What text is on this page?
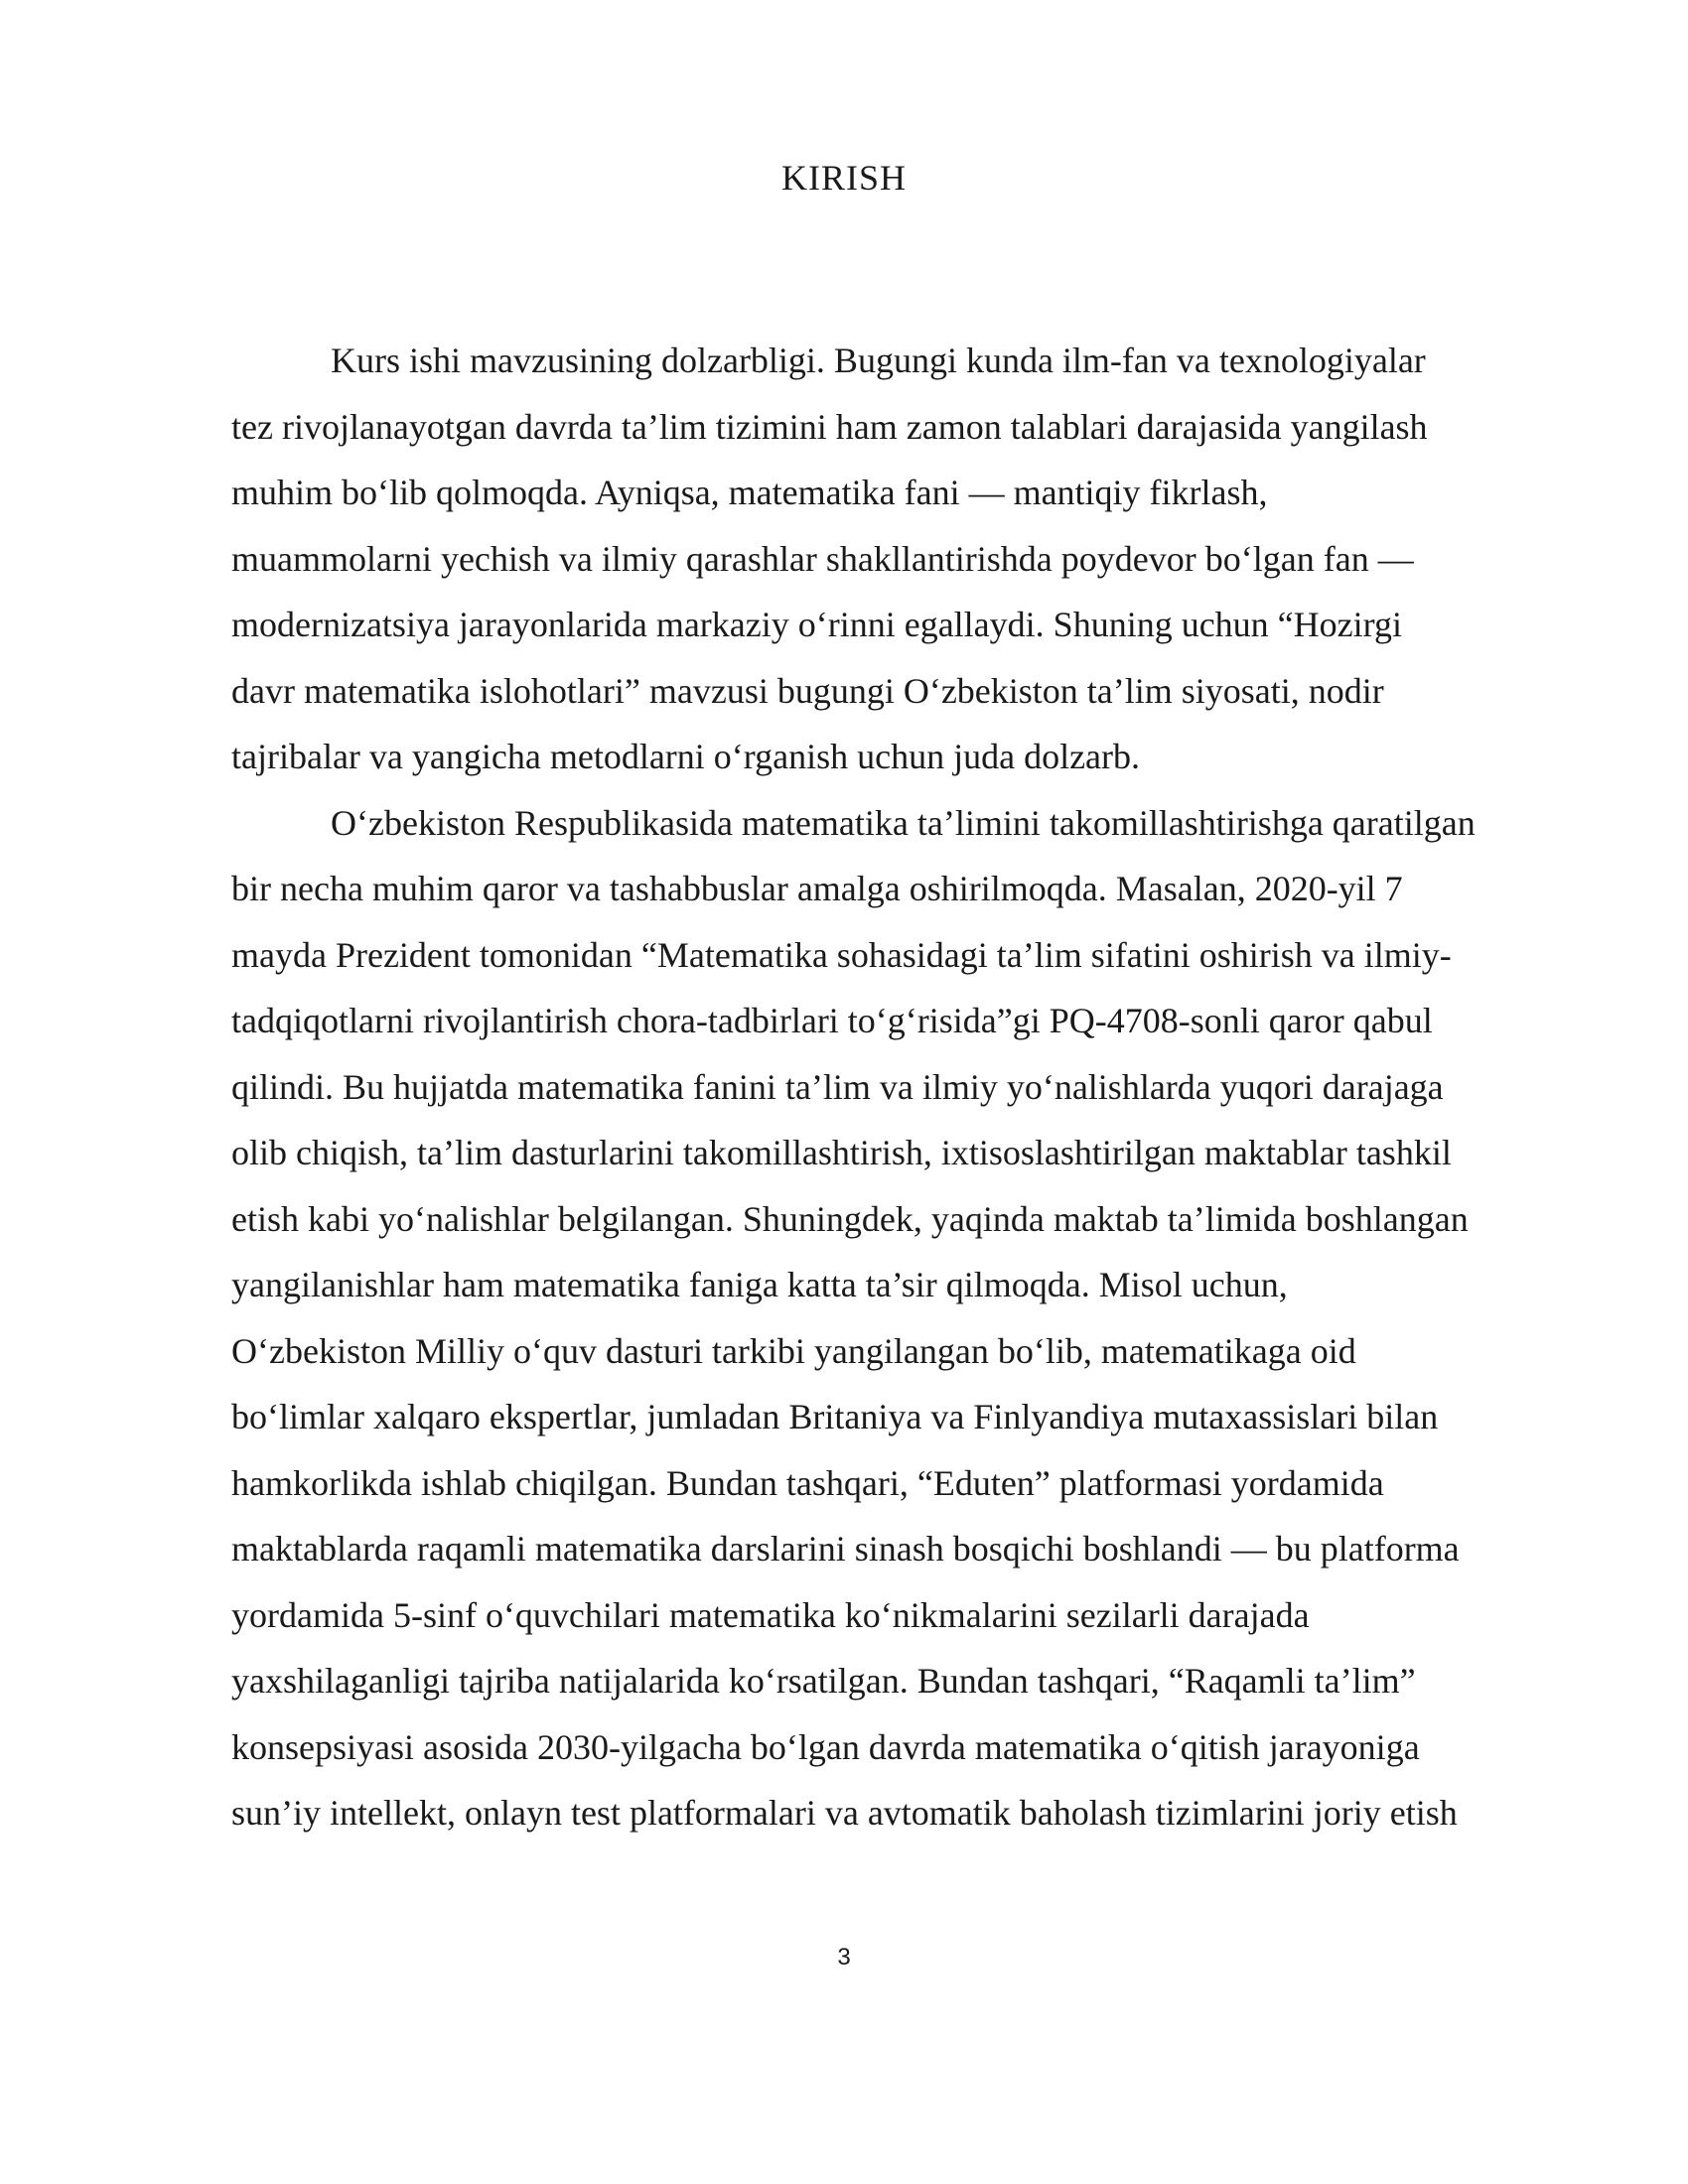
KIRISH
Kurs ishi mavzusining dolzarbligi. Bugungi kunda ilm-fan va texnologiyalar
tez rivojlanayotgan davrda ta’lim tizimini ham zamon talablari darajasida yangilash
muhim bo‘lib qolmoqda. Ayniqsa, matematika fani — mantiqiy fikrlash,
muammolarni yechish va ilmiy qarashlar shakllantirishda poydevor bo‘lgan fan —
modernizatsiya jarayonlarida markaziy o‘rinni egallaydi. Shuning uchun “Hozirgi
davr matematika islohotlari” mavzusi bugungi O‘zbekiston ta’lim siyosati, nodir
tajribalar va yangicha metodlarni o‘rganish uchun juda dolzarb.
O‘zbekiston Respublikasida matematika ta’limini takomillashtirishga qaratilgan
bir necha muhim qaror va tashabbuslar amalga oshirilmoqda. Masalan, 2020-yil 7
mayda Prezident tomonidan “Matematika sohasidagi ta’lim sifatini oshirish va ilmiy-
tadqiqotlarni rivojlantirish chora-tadbirlari to‘g‘risida”gi PQ-4708-sonli qaror qabul
qilindi. Bu hujjatda matematika fanini ta’lim va ilmiy yo‘nalishlarda yuqori darajaga
olib chiqish, ta’lim dasturlarini takomillashtirish, ixtisoslashtirilgan maktablar tashkil
etish kabi yo‘nalishlar belgilangan. Shuningdek, yaqinda maktab ta’limida boshlangan
yangilanishlar ham matematika faniga katta ta’sir qilmoqda. Misol uchun,
O‘zbekiston Milliy o‘quv dasturi tarkibi yangilangan bo‘lib, matematikaga oid
bo‘limlar xalqaro ekspertlar, jumladan Britaniya va Finlyandiya mutaxassislari bilan
hamkorlikda ishlab chiqilgan. Bundan tashqari, “Eduten” platformasi yordamida
maktablarda raqamli matematika darslarini sinash bosqichi boshlandi — bu platforma
yordamida 5-sinf o‘quvchilari matematika ko‘nikmalarini sezilarli darajada
yaxshilaganligi tajriba natijalarida ko‘rsatilgan. Bundan tashqari, “Raqamli ta’lim”
konsepsiyasi asosida 2030-yilgacha bo‘lgan davrda matematika o‘qitish jarayoniga
sun’iy intellekt, onlayn test platformalari va avtomatik baholash tizimlarini joriy etish
3
